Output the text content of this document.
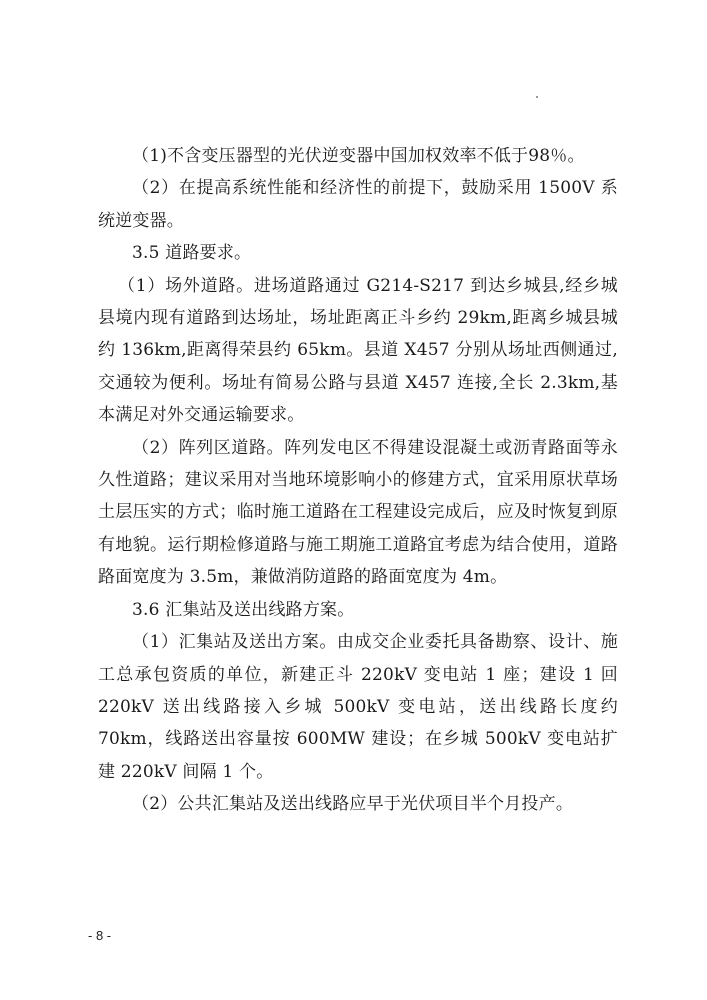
（1)不含变压器型的光伏逆变器中国加权效率不低于98％。

（2）在提高系统性能和经济性的前提下，鼓励采用 1500V 系统逆变器。

3.5 道路要求。

（1）场外道路。进场道路通过 G214-S217 到达乡城县,经乡城县境内现有道路到达场址，场址距离正斗乡约 29km,距离乡城县城约 136km,距离得荣县约 65km。县道 X457 分别从场址西侧通过,交通较为便利。场址有简易公路与县道 X457 连接,全长 2.3km,基本满足对外交通运输要求。

（2）阵列区道路。阵列发电区不得建设混凝土或沥青路面等永久性道路；建议采用对当地环境影响小的修建方式，宜采用原状草场土层压实的方式；临时施工道路在工程建设完成后，应及时恢复到原有地貌。运行期检修道路与施工期施工道路宜考虑为结合使用，道路路面宽度为 3.5m，兼做消防道路的路面宽度为 4m。

3.6 汇集站及送出线路方案。

（1）汇集站及送出方案。由成交企业委托具备勘察、设计、施工总承包资质的单位，新建正斗 220kV 变电站 1 座；建设 1 回 220kV 送出线路接入乡城 500kV 变电站，送出线路长度约 70km，线路送出容量按 600MW 建设；在乡城 500kV 变电站扩建 220kV 间隔 1 个。

（2）公共汇集站及送出线路应早于光伏项目半个月投产。

- 8 -
